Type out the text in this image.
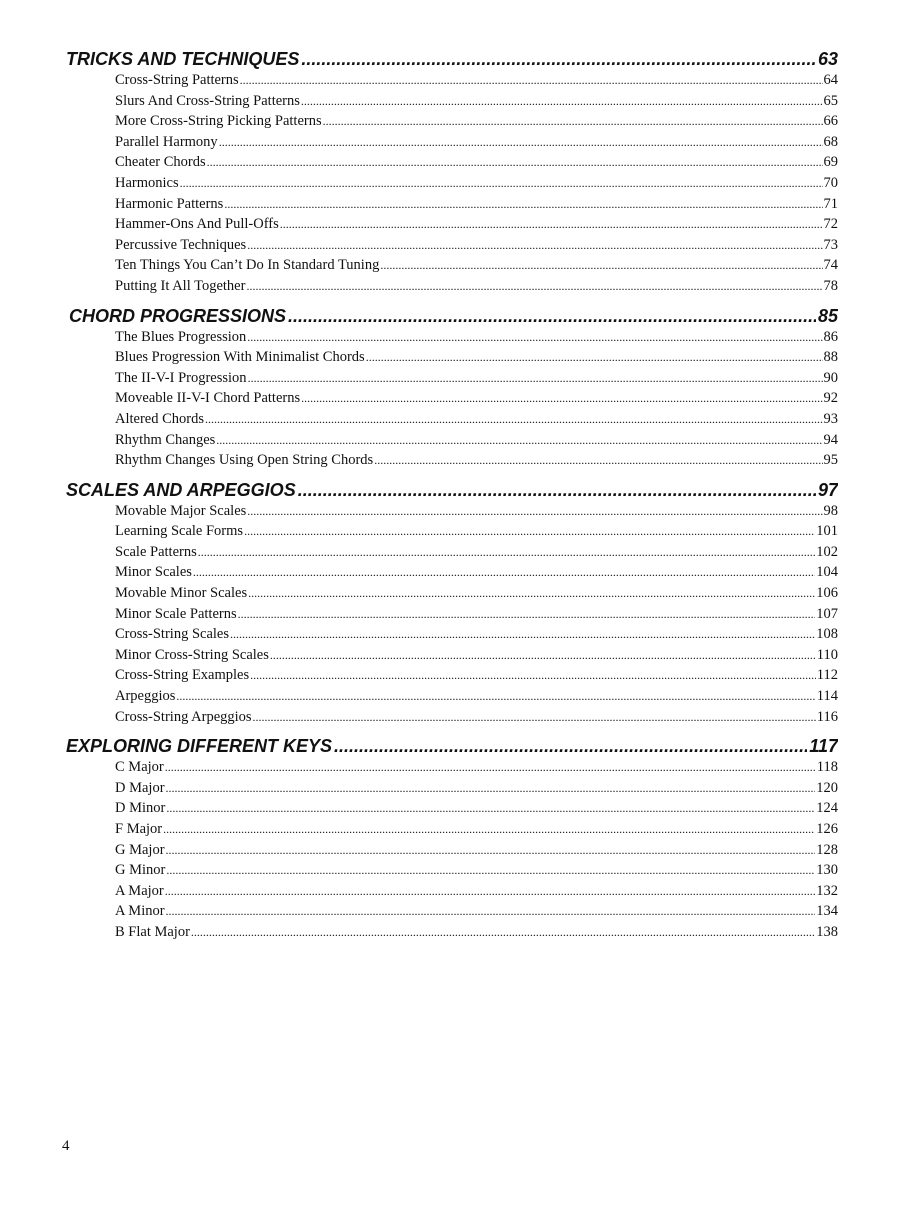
TRICKS AND TECHNIQUES .....	63
Cross-String Patterns .....	64
Slurs And Cross-String Patterns .....	65
More Cross-String Picking Patterns .....	66
Parallel Harmony .....	68
Cheater Chords .....	69
Harmonics .....	70
Harmonic Patterns .....	71
Hammer-Ons And Pull-Offs .....	72
Percussive Techniques .....	73
Ten Things You Can’t Do In Standard Tuning .....	74
Putting It All Together .....	78
CHORD PROGRESSIONS .....	85
The Blues Progression .....	86
Blues Progression With Minimalist Chords .....	88
The II-V-I Progression .....	90
Moveable II-V-I Chord Patterns .....	92
Altered Chords .....	93
Rhythm Changes .....	94
Rhythm Changes Using Open String Chords .....	95
SCALES AND ARPEGGIOS .....	97
Movable Major Scales .....	98
Learning Scale Forms .....	101
Scale Patterns .....	102
Minor Scales .....	104
Movable Minor Scales .....	106
Minor Scale Patterns .....	107
Cross-String Scales .....	108
Minor Cross-String Scales .....	110
Cross-String Examples .....	112
Arpeggios .....	114
Cross-String Arpeggios .....	116
EXPLORING DIFFERENT KEYS .....	117
C Major .....	118
D Major .....	120
D Minor .....	124
F Major .....	126
G Major .....	128
G Minor .....	130
A Major .....	132
A Minor .....	134
B Flat Major .....	138
4
